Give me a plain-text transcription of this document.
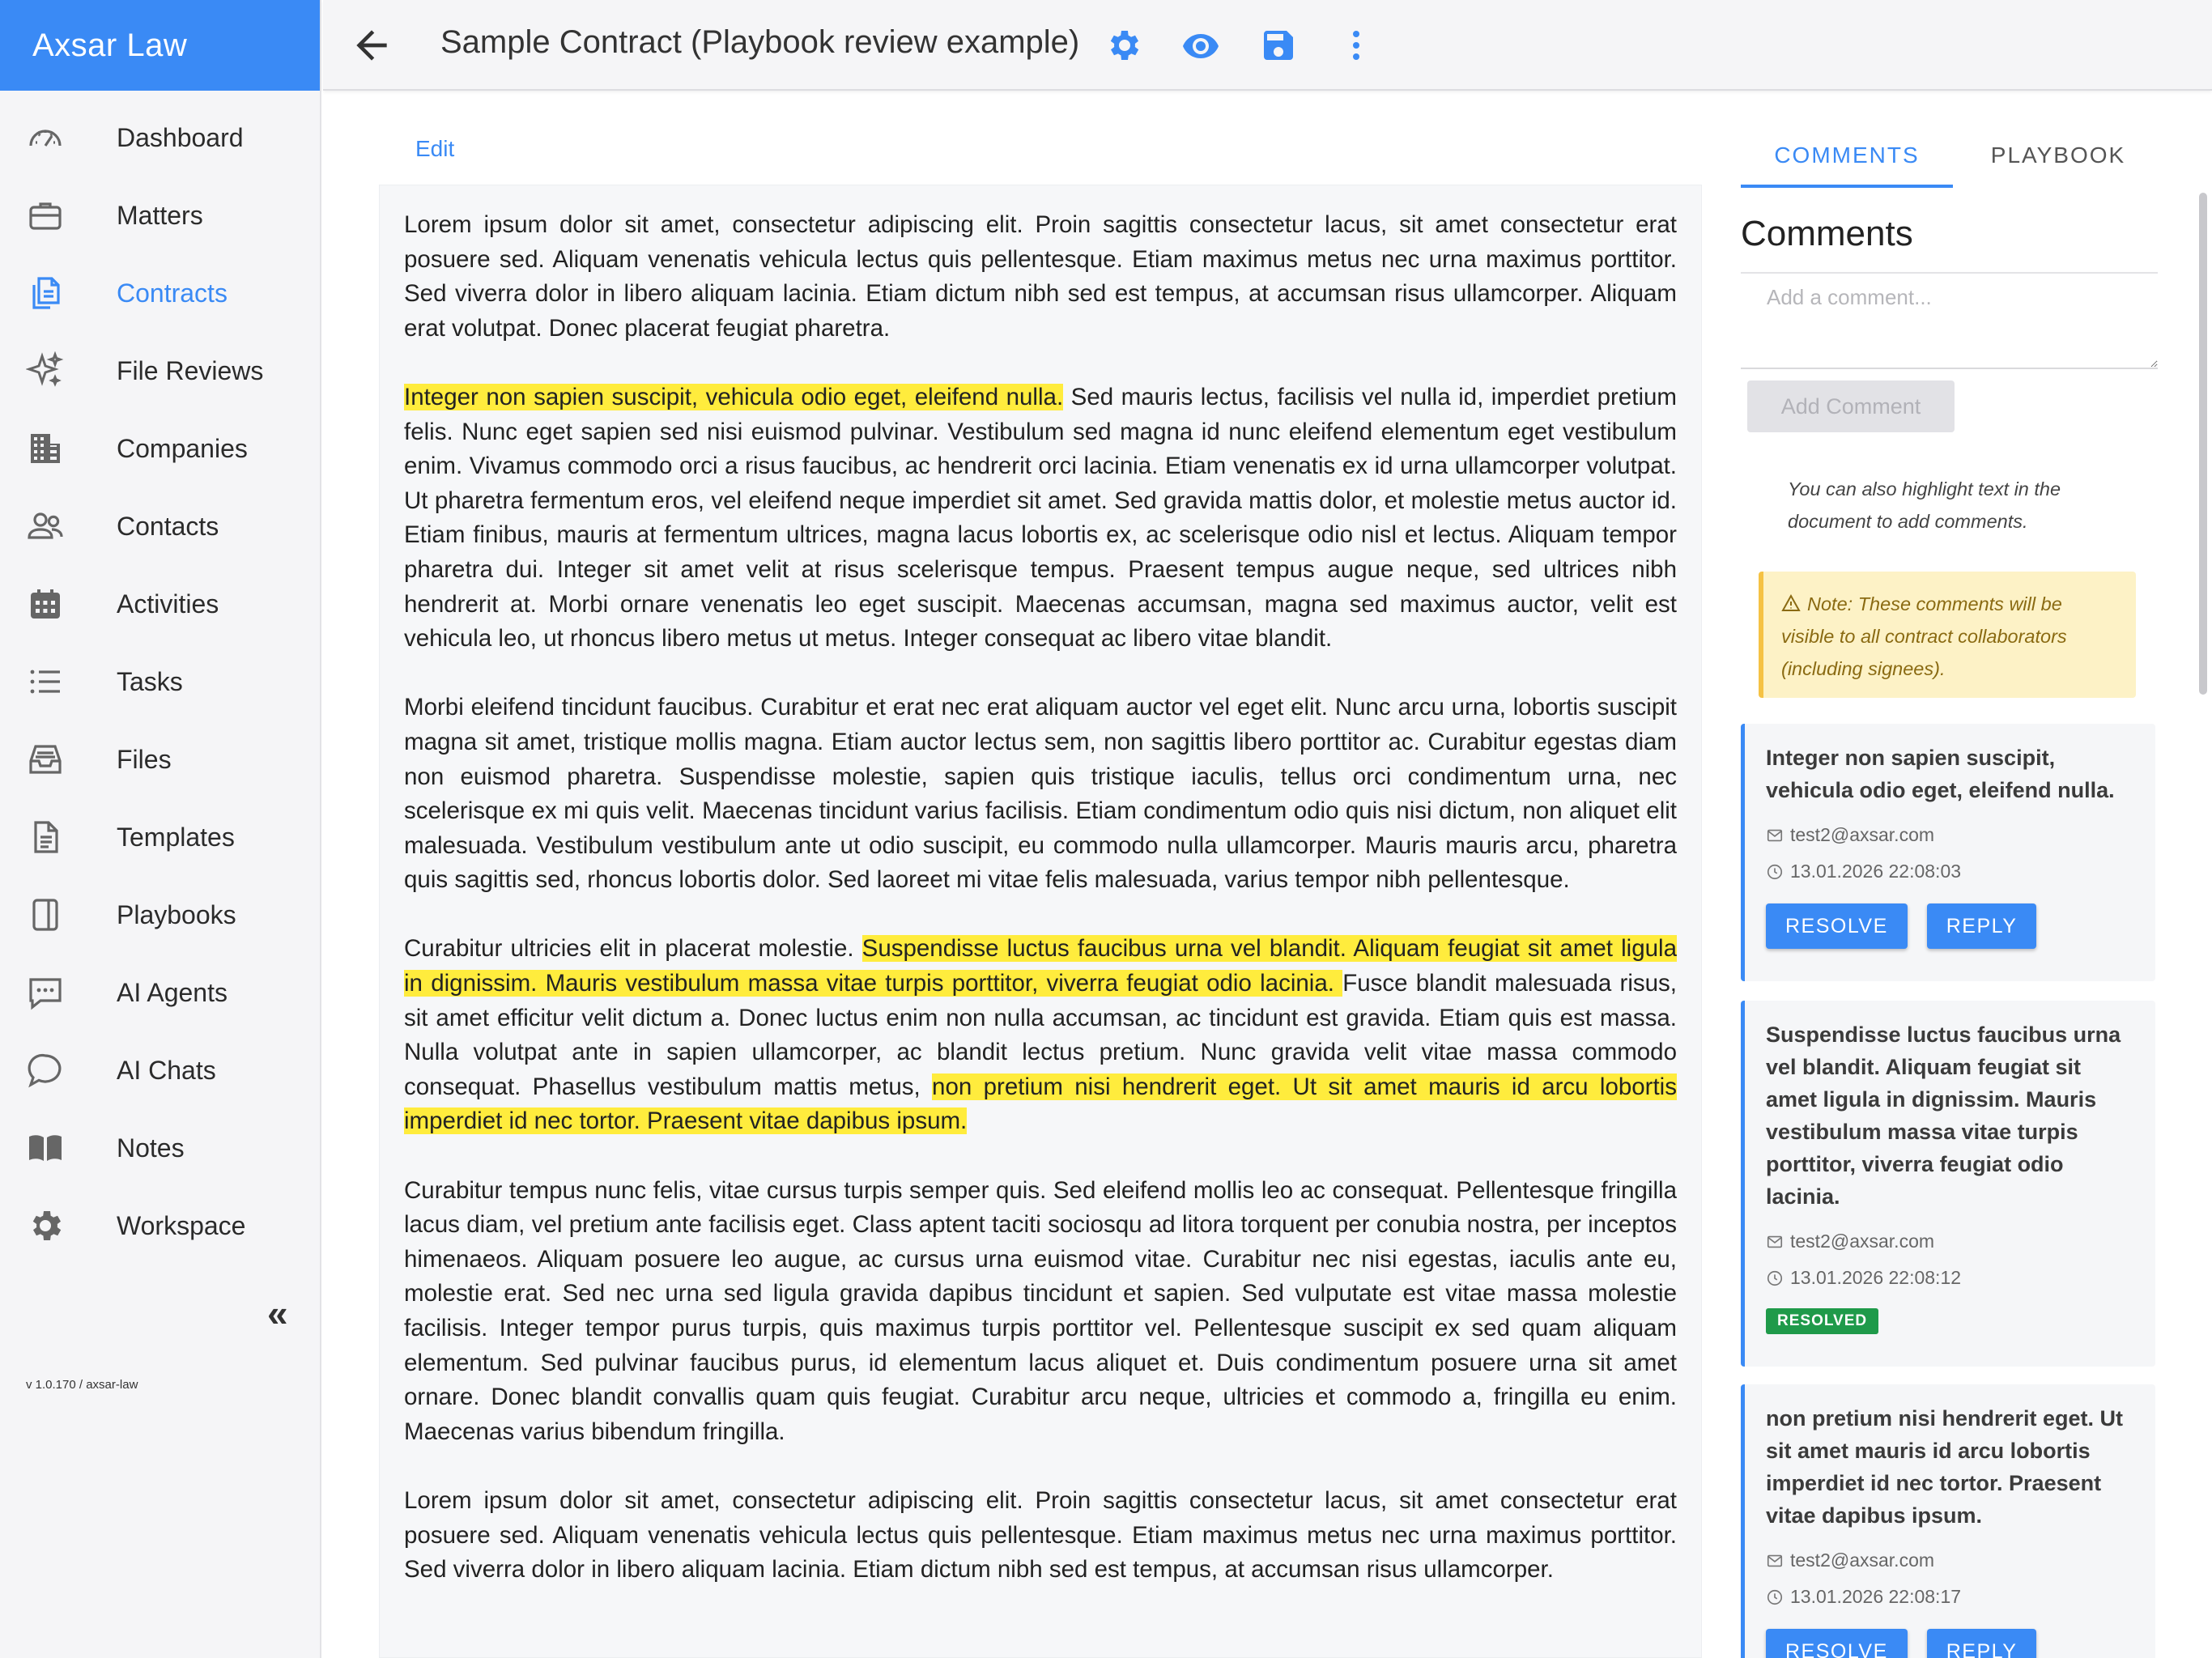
Axsar Law
Dashboard
Matters
Contracts
File Reviews
Companies
Contacts
Activities
Tasks
Files
Templates
Playbooks
AI Agents
AI Chats
Notes
Workspace
«
v 1.0.170 / axsar-law
Sample Contract (Playbook review example)
Edit

Lorem ipsum dolor sit amet, consectetur adipiscing elit. Proin sagittis consectetur lacus, sit amet consectetur erat posuere sed. Aliquam venenatis vehicula lectus quis pellentesque. Etiam maximus metus nec urna maximus porttitor. Sed viverra dolor in libero aliquam lacinia. Etiam dictum nibh sed est tempus, at accumsan risus ullamcorper. Aliquam erat volutpat. Donec placerat feugiat pharetra.

Integer non sapien suscipit, vehicula odio eget, eleifend nulla. Sed mauris lectus, facilisis vel nulla id, imperdiet pretium felis. Nunc eget sapien sed nisi euismod pulvinar. Vestibulum sed magna id nunc eleifend elementum eget vestibulum enim. Vivamus commodo orci a risus faucibus, ac hendrerit orci lacinia. Etiam venenatis ex id urna ullamcorper volutpat. Ut pharetra fermentum eros, vel eleifend neque imperdiet sit amet. Sed gravida mattis dolor, et molestie metus auctor id. Etiam finibus, mauris at fermentum ultrices, magna lacus lobortis ex, ac scelerisque odio nisl et lectus. Aliquam tempor pharetra dui. Integer sit amet velit at risus scelerisque tempus. Praesent tempus augue neque, sed ultrices nibh hendrerit at. Morbi ornare venenatis leo eget suscipit. Maecenas accumsan, magna sed maximus auctor, velit est vehicula leo, ut rhoncus libero metus ut metus. Integer consequat ac libero vitae blandit.

Morbi eleifend tincidunt faucibus. Curabitur et erat nec erat aliquam auctor vel eget elit. Nunc arcu urna, lobortis suscipit magna sit amet, tristique mollis magna. Etiam auctor lectus sem, non sagittis libero porttitor ac. Curabitur egestas diam non euismod pharetra. Suspendisse molestie, sapien quis tristique iaculis, tellus orci condimentum urna, nec scelerisque ex mi quis velit. Maecenas tincidunt varius facilisis. Etiam condimentum odio quis nisi dictum, non aliquet elit malesuada. Vestibulum vestibulum ante ut odio suscipit, eu commodo nulla ullamcorper. Mauris mauris arcu, pharetra quis sagittis sed, rhoncus lobortis dolor. Sed laoreet mi vitae felis malesuada, varius tempor nibh pellentesque.

Curabitur ultricies elit in placerat molestie. Suspendisse luctus faucibus urna vel blandit. Aliquam feugiat sit amet ligula in dignissim. Mauris vestibulum massa vitae turpis porttitor, viverra feugiat odio lacinia. Fusce blandit malesuada risus, sit amet efficitur velit dictum a. Donec luctus enim non nulla accumsan, ac tincidunt est gravida. Etiam quis est massa. Nulla volutpat ante in sapien ullamcorper, ac blandit lectus pretium. Nunc gravida velit vitae massa commodo consequat. Phasellus vestibulum mattis metus, non pretium nisi hendrerit eget. Ut sit amet mauris id arcu lobortis imperdiet id nec tortor. Praesent vitae dapibus ipsum.

Curabitur tempus nunc felis, vitae cursus turpis semper quis. Sed eleifend mollis leo ac consequat. Pellentesque fringilla lacus diam, vel pretium ante facilisis eget. Class aptent taciti sociosqu ad litora torquent per conubia nostra, per inceptos himenaeos. Aliquam posuere leo augue, ac cursus urna euismod vitae. Curabitur nec nisi egestas, iaculis ante eu, molestie erat. Sed nec urna sed ligula gravida dapibus tincidunt et sapien. Sed vulputate est vitae massa molestie facilisis. Integer tempor purus turpis, quis maximus turpis porttitor vel. Pellentesque suscipit ex sed quam aliquam elementum. Sed pulvinar faucibus purus, id elementum lacus aliquet et. Duis condimentum posuere urna sit amet ornare. Donec blandit convallis quam quis feugiat. Curabitur arcu neque, ultricies et commodo a, fringilla eu enim. Maecenas varius bibendum fringilla.

Lorem ipsum dolor sit amet, consectetur adipiscing elit. Proin sagittis consectetur lacus, sit amet consectetur erat posuere sed. Aliquam venenatis vehicula lectus quis pellentesque. Etiam maximus metus nec urna maximus porttitor. Sed viverra dolor in libero aliquam lacinia. Etiam dictum nibh sed est tempus, at accumsan risus ullamcorper.

COMMENTS	PLAYBOOK
Comments
Add a comment...
Add Comment
You can also highlight text in the document to add comments.
Note: These comments will be visible to all contract collaborators (including signees).
Integer non sapien suscipit, vehicula odio eget, eleifend nulla.
test2@axsar.com
13.01.2026 22:08:03
RESOLVE	REPLY
Suspendisse luctus faucibus urna vel blandit. Aliquam feugiat sit amet ligula in dignissim. Mauris vestibulum massa vitae turpis porttitor, viverra feugiat odio lacinia.
test2@axsar.com
13.01.2026 22:08:12
RESOLVED
non pretium nisi hendrerit eget. Ut sit amet mauris id arcu lobortis imperdiet id nec tortor. Praesent vitae dapibus ipsum.
test2@axsar.com
13.01.2026 22:08:17
RESOLVE	REPLY
